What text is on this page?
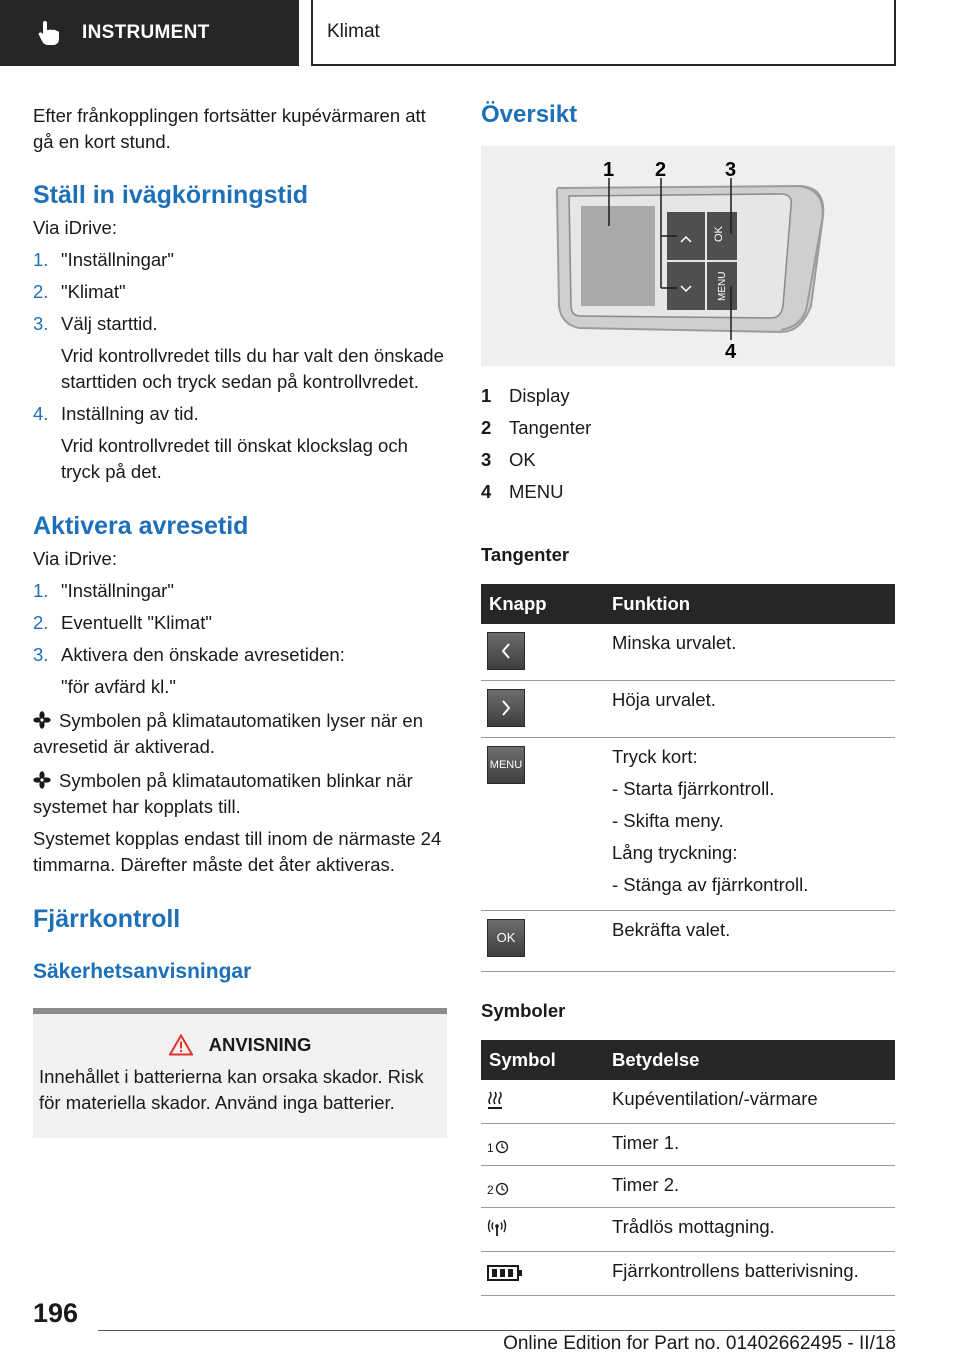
INSTRUMENT	Klimat

Efter frånkopplingen fortsätter kupévärmaren att gå en kort stund.

Ställ in ivägkörningstid

Via iDrive:

1. "Inställningar"
2. "Klimat"
3. Välj starttid.
Vrid kontrollvredet tills du har valt den önskade starttiden och tryck sedan på kontrollvredet.
4. Inställning av tid.
Vrid kontrollvredet till önskat klockslag och tryck på det.
Aktivera avresetid

Via iDrive:

1. "Inställningar"
2. Eventuellt "Klimat"
3. Aktivera den önskade avresetiden:
"för avfärd kl."
Symbolen på klimatautomatiken lyser när en avresetid är aktiverad.
Symbolen på klimatautomatiken blinkar när systemet har kopplats till.

Systemet kopplas endast till inom de närmaste 24 timmarna. Därefter måste det åter aktiveras.

Fjärrkontroll
Säkerhetsanvisningar
ANVISNING
Innehållet i batterierna kan orsaka skador. Risk för materiella skador. Använd inga batterier.
Översikt
OK
MENU
1 2	3
4
1 Display
2 Tangenter
3 OK
4 MENU
Tangenter
Knapp	Funktion

	Minska urvalet.

	Höja urvalet.

MENU	Tryck kort:
- Starta fjärrkontroll.
- Skifta meny.
Lång tryckning:
- Stänga av fjärrkontroll.

OK	Bekräfta valet.
Symboler
Symbol	Betydelse

	Kupéventilation/-värmare

1	Timer 1.

2	Timer 2.

	Trådlös mottagning.

	Fjärrkontrollens batterivisning.
196
Online Edition for Part no. 01402662495 - II/18
